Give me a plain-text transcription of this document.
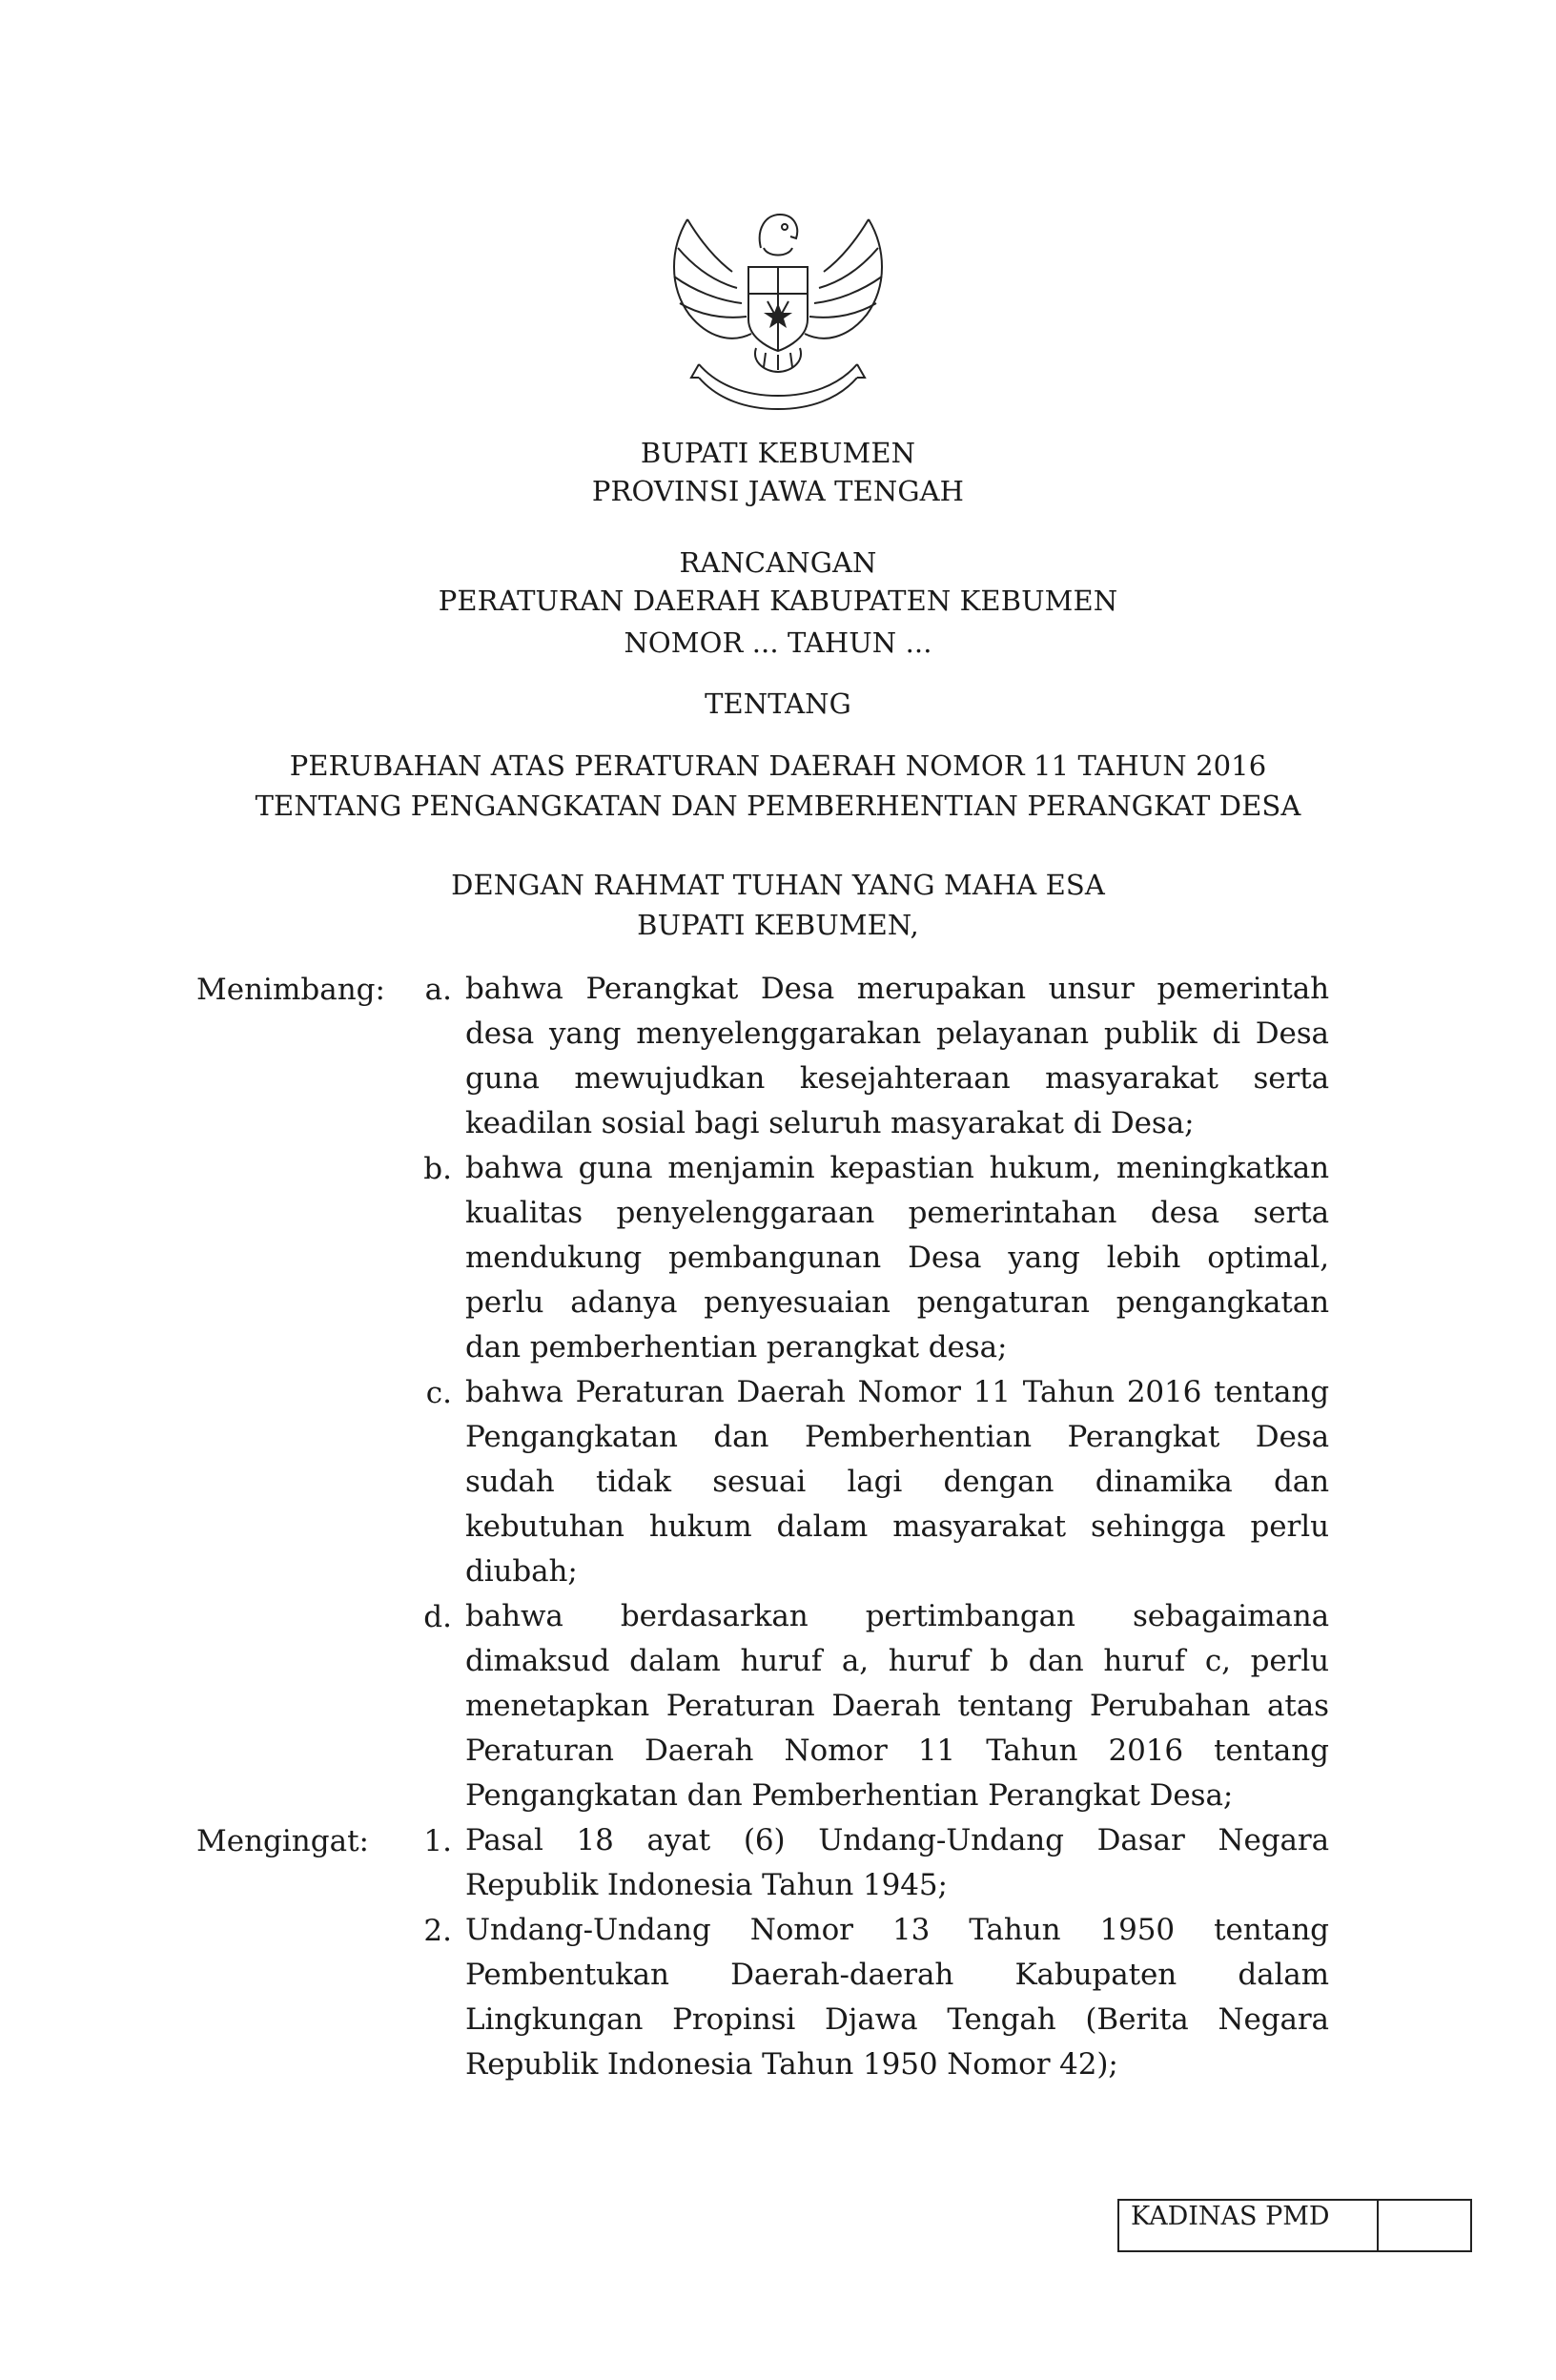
BUPATI KEBUMEN
PROVINSI JAWA TENGAH
RANCANGAN
PERATURAN DAERAH KABUPATEN KEBUMEN
NOMOR ... TAHUN ...
TENTANG
PERUBAHAN ATAS PERATURAN DAERAH NOMOR 11 TAHUN 2016
TENTANG PENGANGKATAN DAN PEMBERHENTIAN PERANGKAT DESA
DENGAN RAHMAT TUHAN YANG MAHA ESA
BUPATI KEBUMEN,
Menimbang:	a. bahwa Perangkat Desa merupakan unsur pemerintah
desa yang menyelenggarakan pelayanan publik di Desa
guna mewujudkan kesejahteraan masyarakat serta
keadilan sosial bagi seluruh masyarakat di Desa;
b. bahwa guna menjamin kepastian hukum, meningkatkan
kualitas penyelenggaraan pemerintahan desa serta
mendukung pembangunan Desa yang lebih optimal,
perlu adanya penyesuaian pengaturan pengangkatan
dan pemberhentian perangkat desa;
c. bahwa Peraturan Daerah Nomor 11 Tahun 2016 tentang
Pengangkatan dan Pemberhentian Perangkat Desa
sudah tidak sesuai lagi dengan dinamika dan
kebutuhan hukum dalam masyarakat sehingga perlu
diubah;
d. bahwa berdasarkan pertimbangan sebagaimana
dimaksud dalam huruf a, huruf b dan huruf c, perlu
menetapkan Peraturan Daerah tentang Perubahan atas
Peraturan Daerah Nomor 11 Tahun 2016 tentang
Pengangkatan dan Pemberhentian Perangkat Desa;
Mengingat:	1. Pasal 18 ayat (6) Undang-Undang Dasar Negara
Republik Indonesia Tahun 1945;
2. Undang-Undang Nomor 13 Tahun 1950 tentang
Pembentukan Daerah-daerah Kabupaten dalam
Lingkungan Propinsi Djawa Tengah (Berita Negara
Republik Indonesia Tahun 1950 Nomor 42);
KADINAS PMD
